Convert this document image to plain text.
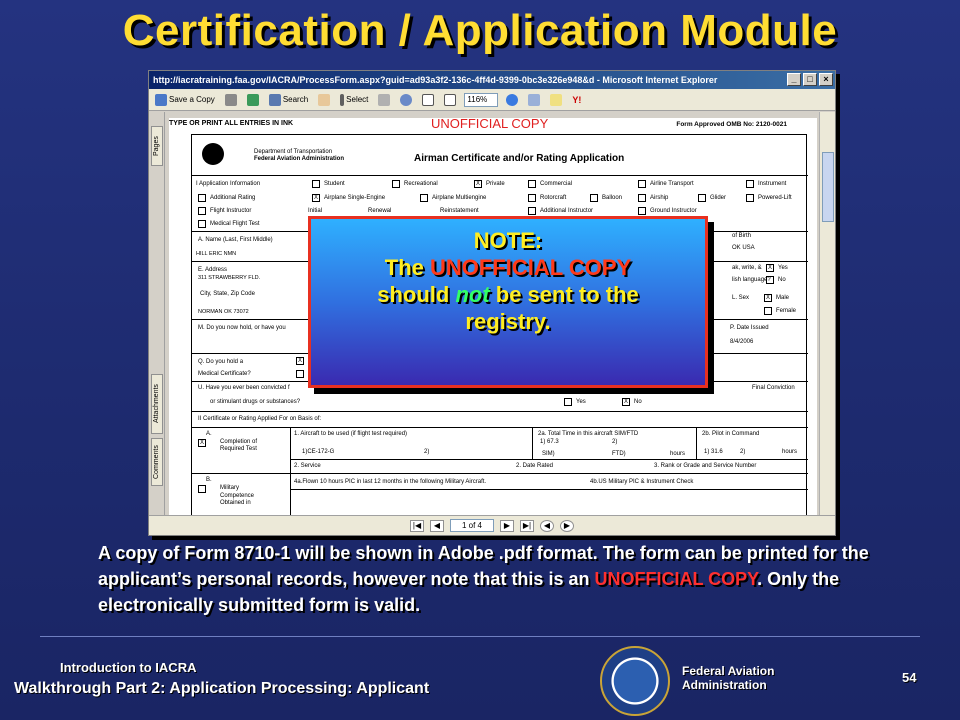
Certification / Application Module
http://iacratraining.faa.gov/IACRA/ProcessForm.aspx?guid=ad93a3f2-136c-4ff4d-9399-0bc3e326e948&d - Microsoft Internet Explorer	_	□	×
Save a Copy	Search	Select	116%	Y!
Pages
Attachments
Comments
TYPE OR PRINT ALL ENTRIES IN INK	UNOFFICIAL COPY	Form Approved OMB No: 2120-0021
Department of Transportation
Federal Aviation Administration	Airman Certificate and/or Rating Application
I Application Information	Student	Recreational	X	Private	Commercial	Airline Transport	Instrument
Additional Rating	X	Airplane Single-Engine	Airplane Multiengine	Rotorcraft	Balloon	Airship	Glider	Powered-Lift
Flight Instructor	Initial	Renewal	Reinstatement	Additional Instructor	Ground Instructor
Medical Flight Test
A. Name (Last, First Middle)
HILL ERIC NMN
of Birth
OK USA
E. Address
311 STRAWBERRY FLD.
ak, write, &	X	Yes
lish language? No
City, State, Zip Code
NORMAN OK 73072
L. Sex	X	Male
Female
M. Do you now hold, or have you	P. Date Issued
8/4/2006
Q. Do you hold a	X
Medical Certificate?
U. Have you ever been convicted f	Final Conviction
or stimulant drugs or substances?	Yes	X	No
II Certificate or Rating Applied For on Basis of:
A.
X	Completion of
Required Test
1. Aircraft to be used (if flight test required)
1)CE-172-G	2)
2a. Total Time in this aircraft SIM/FTD
1) 67.3	2)
SIM)	FTD)	hours
2b. Pilot in Command
1) 31.6	2)	hours
2. Service	2. Date Rated	3. Rank or Grade and Service Number
B.
Military
Competence
Obtained in
4a.Flown 10 hours PIC in last 12 months in the following Military Aircraft.	4b.US Military PIC & Instrument Check
|◀	◀	1 of 4	▶	▶|	◀	▶
NOTE:
The UNOFFICIAL COPY
should not be sent to the
registry.
A copy of Form 8710-1 will be shown in Adobe .pdf format. The form can be printed for the applicant’s personal records, however note that this is an UNOFFICIAL COPY. Only the electronically submitted form is valid.
Introduction to IACRA
Walkthrough Part 2: Application Processing: Applicant
Federal Aviation
Administration	54
